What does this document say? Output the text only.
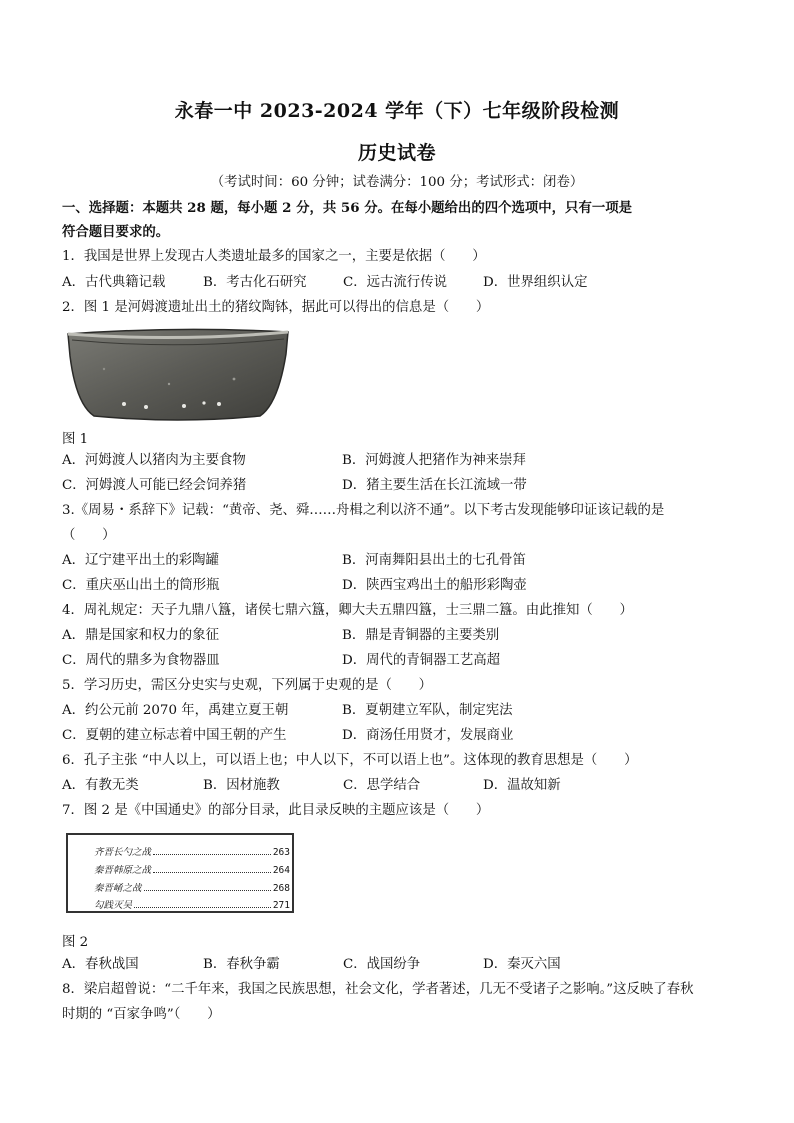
永春一中 2023-2024 学年（下）七年级阶段检测
历史试卷
（考试时间：60 分钟；试卷满分：100 分；考试形式：闭卷）
一、选择题：本题共 28 题，每小题 2 分，共 56 分。在每小题给出的四个选项中，只有一项是
符合题目要求的。
1．我国是世界上发现古人类遗址最多的国家之一，主要是依据（　　）
A．古代典籍记载	B．考古化石研究	C．远古流行传说	D．世界组织认定
2．图 1 是河姆渡遗址出土的猪纹陶钵，据此可以得出的信息是（　　）
图 1
A．河姆渡人以猪肉为主要食物	B．河姆渡人把猪作为神来崇拜
C．河姆渡人可能已经会饲养猪	D．猪主要生活在长江流域一带
3.《周易・系辞下》记载：“黄帝、尧、舜……舟楫之利以济不通”。以下考古发现能够印证该记载的是
（　　）
A．辽宁建平出土的彩陶罐	B．河南舞阳县出土的七孔骨笛
C．重庆巫山出土的筒形瓶	D．陕西宝鸡出土的船形彩陶壶
4．周礼规定：天子九鼎八簋，诸侯七鼎六簋，卿大夫五鼎四簋，士三鼎二簋。由此推知（　　）
A．鼎是国家和权力的象征	B．鼎是青铜器的主要类别
C．周代的鼎多为食物器皿	D．周代的青铜器工艺高超
5．学习历史，需区分史实与史观，下列属于史观的是（　　）
A．约公元前 2070 年，禹建立夏王朝	B．夏朝建立军队，制定宪法
C．夏朝的建立标志着中国王朝的产生	D．商汤任用贤才，发展商业
6．孔子主张 “中人以上，可以语上也；中人以下，不可以语上也”。这体现的教育思想是（　　）
A．有教无类	B．因材施教	C．思学结合	D．温故知新
7．图 2 是《中国通史》的部分目录，此目录反映的主题应该是（　　）
齐晋长勺之战	263
秦晋韩原之战	264
秦晋崤之战	268
勾践灭吴	271
图 2
A．春秋战国	B．春秋争霸	C．战国纷争	D．秦灭六国
8．梁启超曾说：“二千年来，我国之民族思想，社会文化，学者著述，几无不受诸子之影响。”这反映了春秋
时期的 “百家争鸣”（　　）
